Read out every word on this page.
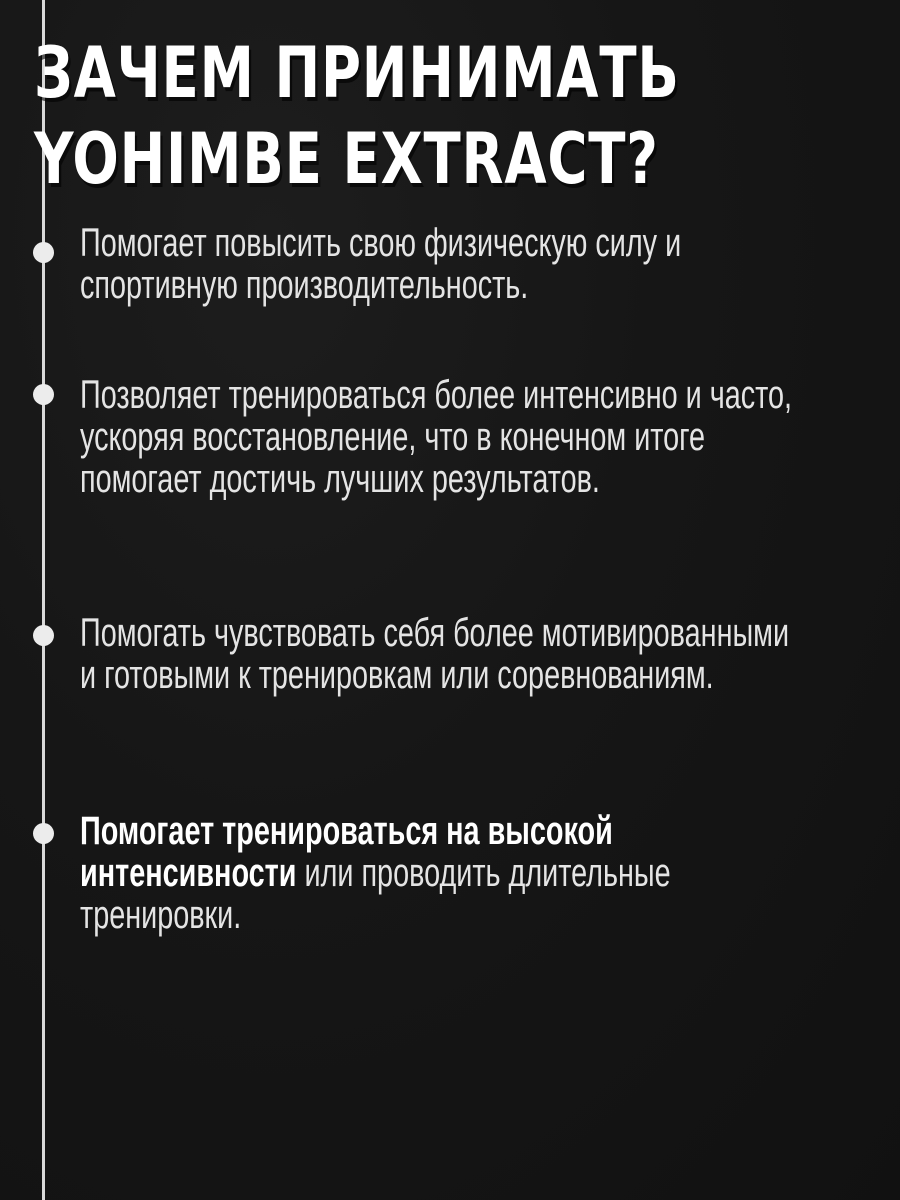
ЗАЧЕМ ПРИНИМАТЬ
YOHIMBE EXTRACT?
Помогает повысить свою физическую силу и спортивную производительность.
Позволяет тренироваться более интенсивно и часто, ускоряя восстановление, что в конечном итоге помогает достичь лучших результатов.
Помогать чувствовать себя более мотивированными и готовыми к тренировкам или соревнованиям.
Помогает тренироваться на высокой интенсивности или проводить длительные тренировки.
